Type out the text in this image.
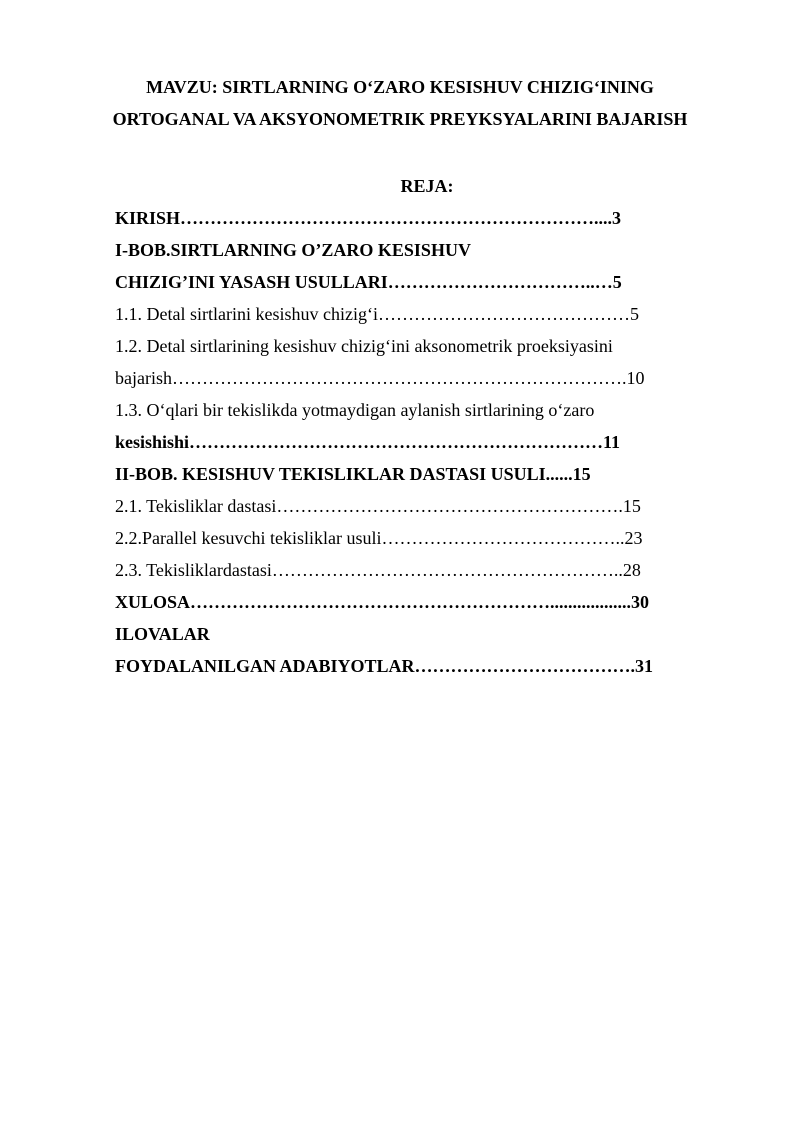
MAVZU: SIRTLARNING O‘ZARO KESISHUV CHIZIG‘INING
ORTOGANAL VA AKSYONOMETRIK PREYKSYALARINI BAJARISH
REJA:
KIRISH……………………………………………………………....3
I-BOB.SIRTLARNING O’ZARO KESISHUV
CHIZIG’INI YASASH USULLARI……………………………..…5
1.1. Detal sirtlarini kesishuv chizig‘i……………………………………5
1.2. Detal sirtlarining kesishuv chizig‘ini aksonometrik proeksiyasini
bajarish………………………………………………………………….10
1.3. O‘qlari bir tekislikda yotmaydigan aylanish sirtlarining o‘zaro
kesishishi……………………………………………………………11
II-BOB. KESISHUV TEKISLIKLAR DASTASI USULI......15
2.1. Tekisliklar dastasi………………………………………………….15
2.2.Parallel kesuvchi tekisliklar usuli…………………………………..23
2.3. Tekisliklardastasi…………………………………………………..28
XULOSA……………………………………………………..................30
ILOVALAR
FOYDALANILGAN ADABIYOTLAR……………………………….31
